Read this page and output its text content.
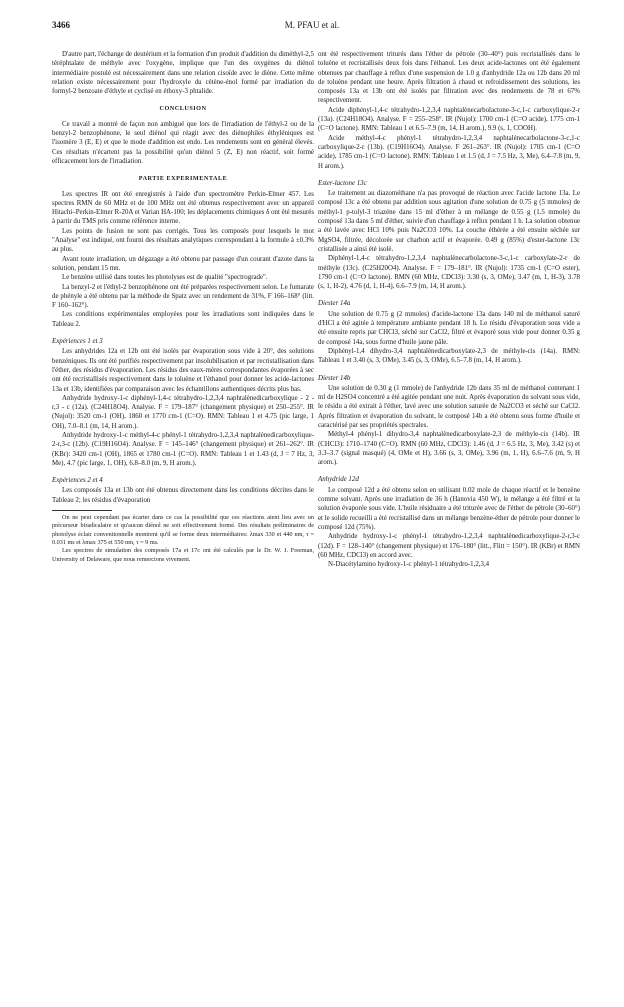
3466	M. PFAU et al.

D'autre part, l'échange de deutérium et la formation d'un produit d'addition du diméthyl-2,5 téréphtalate de méthyle avec l'oxygène, implique que l'un des oxygènes du diénol intermédiaire postulé est nécessairement dans une relation cisoïde avec le diène. Cette même relation existe nécessairement pour l'hydroxyle du cétène-énol formé par irradiation du formyl-2 benzoate d'éthyle et cyclisé en éthoxy-3 phtalide.

CONCLUSION

Ce travail a montré de façon non ambiguë que lors de l'irradiation de l'éthyl-2 ou de la benzyl-2 benzophénone, le seul diénol qui réagit avec des diénophiles éthyléniques est l'isomère 3 (E, E) et que le mode d'addition est endo. Les rendements sont en général élevés. Ces résultats n'écartent pas la possibilité qu'un diénol 5 (Z, E) non réactif, soit formé efficacement lors de l'irradiation.

PARTIE EXPERIMENTALE

Les spectres IR ont été enregistrés à l'aide d'un spectromètre Perkin-Elmer 457. Les spectres RMN de 60 MHz et de 100 MHz ont été obtenus respectivement avec un appareil Hitachi–Perkin-Elmer R-20A et Varian HA-100; les déplacements chimiques δ ont été mesurés à partir du TMS pris comme référence interne.

Les points de fusion ne sont pas corrigés. Tous les composés pour lesquels le mot "Analyse" est indiqué, ont fourni des résultats analytiques correspondant à la formule à ±0.3% au plus.

Avant toute irradiation, un dégazage a été obtenu par passage d'un courant d'azote dans la solution, pendant 15 mn.

Le benzène utilisé dans toutes les photolyses est de qualité "spectrograde".

La benzyl-2 et l'éthyl-2 benzophénone ont été préparées respectivement selon. Le fumarate de phényle a été obtenu par la méthode de Spatz avec un rendement de 31%, F 166–168° (litt. F 160–162°).

Les conditions expérimentales employées pour les irradiations sont indiquées dans le Tableau 2.

Expériences 1 et 3

Les anhydrides 12a et 12b ont été isolés par évaporation sous vide à 20°, des solutions benzéniques. Ils ont été purifiés respectivement par insolubilisation et par recristallisation dans l'éther, des résidus d'évaporation. Les résidus des eaux-mères correspondantes évaporées à sec ont été recristallisés respectivement dans le toluène et l'éthanol pour donner les acide-lactones 13a et 13b, identifiées par comparaison avec les échantillons authentiques décrits plus bas.

Anhydride hydroxy-1-c diphényl-1,4-c tétrahydro-1,2,3,4 naphtalènedicarboxylique - 2 - r,3 - c (12a). (C24H18O4). Analyse. F = 179–187° (changement physique) et 250–255°. IR (Nujol): 3520 cm-1 (OH), 1860 et 1770 cm-1 (C=O). RMN: Tableau 1 et 4.75 (pic large, 1 OH), 7.0–8.1 (m, 14, H arom.).

Anhydride hydroxy-1-c méthyl-4-c phényl-1 tétrahydro-1,2,3,4 naphtalènedicarboxylique-2-r,3-c (12b). (C19H16O4). Analyse. F = 145–146° (changement physique) et 261–262°. IR (KBr): 3420 cm-1 (OH), 1865 et 1780 cm-1 (C=O). RMN: Tableau 1 et 1.43 (d, J = 7 Hz, 3, Me), 4.7 (pic large, 1, OH), 6.8–8.0 (m, 9, H arom.).

Expériences 2 et 4

Les composés 13a et 13b ont été obtenus directement dans les conditions décrites dans le Tableau 2; les résidus d'évaporation

On ne peut cependant pas écarter dans ce cas la possibilité que ces réactions aient lieu avec un précurseur biradicalaire et qu'aucun diénol ne soit effectivement formé. Des résultats préliminaires de photolyse éclair conventionnelle montrent qu'il se forme deux intermédiaires: λmax 330 et 440 nm, τ = 0.031 ms et λmax 375 et 550 nm, τ = 9 ms.

Les spectres de simulation des composés 17a et 17c ont été calculés par le Dr. W. J. Freeman, University of Delaware, que nous remercions vivement.

ont été respectivement triturés dans l'éther de pétrole (30–40°) puis recristallisés dans le toluène et recristallisés deux fois dans l'éthanol. Les deux acide-lactones ont été également obtenues par chauffage à reflux d'une suspension de 1.0 g d'anhydride 12a ou 12b dans 20 ml de toluène pendant une heure. Après filtration à chaud et refroidissement des solutions, les composés 13a et 13b ont été isolés par filtration avec des rendements de 78 et 67% respectivement.

Acide diphényl-1,4-c tétrahydro-1,2,3,4 naphtalènecarbolactone-3-c,1-c carboxylique-2-r (13a). (C24H18O4). Analyse. F = 255–258°. IR (Nujol): 1700 cm-1 (C=O acide), 1775 cm-1 (C=O lactone). RMN: Tableau 1 et 6.5–7.9 (m, 14, H arom.), 9.9 (s, 1, COOH).

Acide méthyl-4-c phényl-1 tétrahydro-1,2,3,4 naphtalènecarbolactone-3-c,1-c carboxylique-2-r (13b). (C19H16O4). Analyse. F 261–263°. IR (Nujol): 1705 cm-1 (C=O acide), 1785 cm-1 (C=O lactone). RMN: Tableau 1 et 1.5 (d, J = 7.5 Hz, 3, Me), 6.4–7.8 (m, 9, H arom.).

Ester-lactone 13c

Le traitement au diazométhane n'a pas provoqué de réaction avec l'acide lactone 13a. Le composé 13c a été obtenu par addition sous agitation d'une solution de 0.75 g (5 mmoles) de méthyl-1 p-tolyl-3 triazène dans 15 ml d'éther à un mélange de 0.55 g (1.5 mmole) du composé 13a dans 5 ml d'éther, suivie d'un chauffage à reflux pendant 1 h. La solution obtenue a été lavée avec HCl 10% puis Na2CO3 10%. La couche éthérée a été ensuite séchée sur MgSO4, filtrée, décolorée sur charbon actif et évaporée. 0.49 g (85%) d'ester-lactone 13c cristallisée a ainsi été isolé.

Diphényl-1,4-c tétrahydro-1,2,3,4 naphtalènecarbolactone-3-c,1-c carboxylate-2-r de méthyle (13c). (C25H20O4). Analyse. F = 179–181°. IR (Nujol): 1735 cm-1 (C=O ester), 1790 cm-1 (C=O lactone). RMN (60 MHz, CDCl3): 3.30 (s, 3, OMe), 3.47 (m, 1, H-3), 3.78 (s, 1, H-2), 4.76 (d, 1, H-4), 6.6–7.9 (m, 14, H arom.).

Diester 14a

Une solution de 0.75 g (2 mmoles) d'acide-lactone 13a dans 140 ml de méthanol saturé d'HCl a été agitée à température ambiante pendant 18 h. Le résidu d'évaporation sous vide a été ensuite repris par CHCl3, séché sur CaCl2, filtré et évaporé sous vide pour donner 0.35 g de composé 14a, sous forme d'huile jaune pâle.

Diphényl-1,4 dihydro-3,4 naphtalènedicarboxylate-2,3 de méthyle-cis (14a). RMN: Tableau 1 et 3.40 (s, 3, OMe), 3.45 (s, 3, OMe), 6.5–7.8 (m, 14, H arom.).

Diester 14b

Une solution de 0.30 g (1 mmole) de l'anhydride 12b dans 35 ml de méthanol contenant 1 ml de H2SO4 concentré a été agitée pendant une nuit. Après évaporation du solvant sous vide, le résidu a été extrait à l'éther, lavé avec une solution saturée de Na2CO3 et séché sur CaCl2. Après filtration et évaporation du solvant, le composé 14b a été obtenu sous forme d'huile et caractérisé par ses propriétés spectrales.

Méthyl-4 phényl-1 dihydro-3,4 naphtalènedicarboxylate-2,3 de méthyle-cis (14b). IR (CHCl3): 1710–1740 (C=O). RMN (60 MHz, CDCl3): 1.46 (d, J = 6.5 Hz, 3, Me), 3.42 (s) et 3.3–3.7 (signal masqué) (4, OMe et H), 3.66 (s, 3, OMe), 3.96 (m, 1, H), 6.6–7.6 (m, 9, H arom.).

Anhydride 12d

Le composé 12d a été obtenu selon en utilisant 0.02 mole de chaque réactif et le benzène comme solvant. Après une irradiation de 36 h (Hanovia 450 W), le mélange a été filtré et la solution évaporée sous vide. L'huile résiduaire a été triturée avec de l'éther de pétrole (30–60°) et le solide recueilli a été recristallisé dans un mélange benzène-éther de pétrole pour donner le composé 12d (75%).

Anhydride hydroxy-1-c phényl-1 tétrahydro-1,2,3,4 naphtalènedicarboxylique-2-r,3-c (12d). F = 128–140° (changement physique) et 176–180° (litt., Flitt = 150°). IR (KBr) et RMN (60 MHz, CDCl3) en accord avec.

N-Diacétylamino hydroxy-1-c phényl-1 tétrahydro-1,2,3,4
